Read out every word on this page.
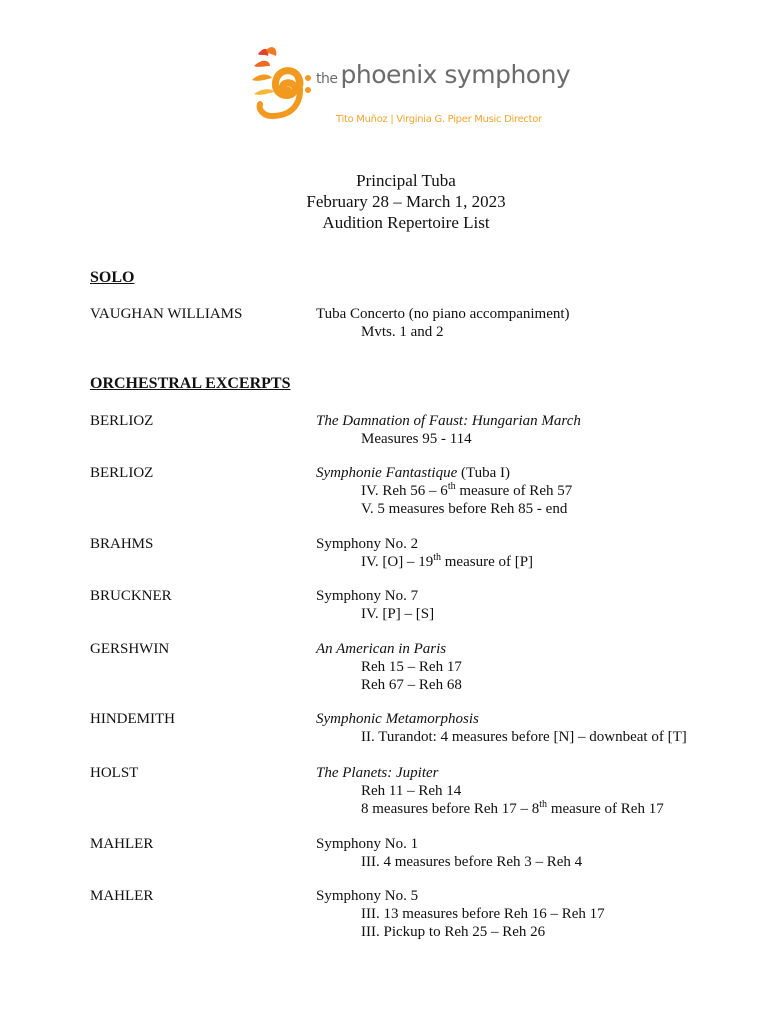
the phoenix symphony
Tito Muñoz | Virginia G. Piper Music Director
Principal Tuba
February 28 – March 1, 2023
Audition Repertoire List
SOLO
VAUGHAN WILLIAMS	Tuba Concerto (no piano accompaniment)
Mvts. 1 and 2
ORCHESTRAL EXCERPTS
BERLIOZ	The Damnation of Faust: Hungarian March
Measures 95 - 114
BERLIOZ	Symphonie Fantastique (Tuba I)
IV. Reh 56 – 6th measure of Reh 57
V. 5 measures before Reh 85 - end
BRAHMS	Symphony No. 2
IV. [O] – 19th measure of [P]
BRUCKNER	Symphony No. 7
IV. [P] – [S]
GERSHWIN	An American in Paris
Reh 15 – Reh 17
Reh 67 – Reh 68
HINDEMITH	Symphonic Metamorphosis
II. Turandot: 4 measures before [N] – downbeat of [T]
HOLST	The Planets: Jupiter
Reh 11 – Reh 14
8 measures before Reh 17 – 8th measure of Reh 17
MAHLER	Symphony No. 1
III. 4 measures before Reh 3 – Reh 4
MAHLER	Symphony No. 5
III. 13 measures before Reh 16 – Reh 17
III. Pickup to Reh 25 – Reh 26
